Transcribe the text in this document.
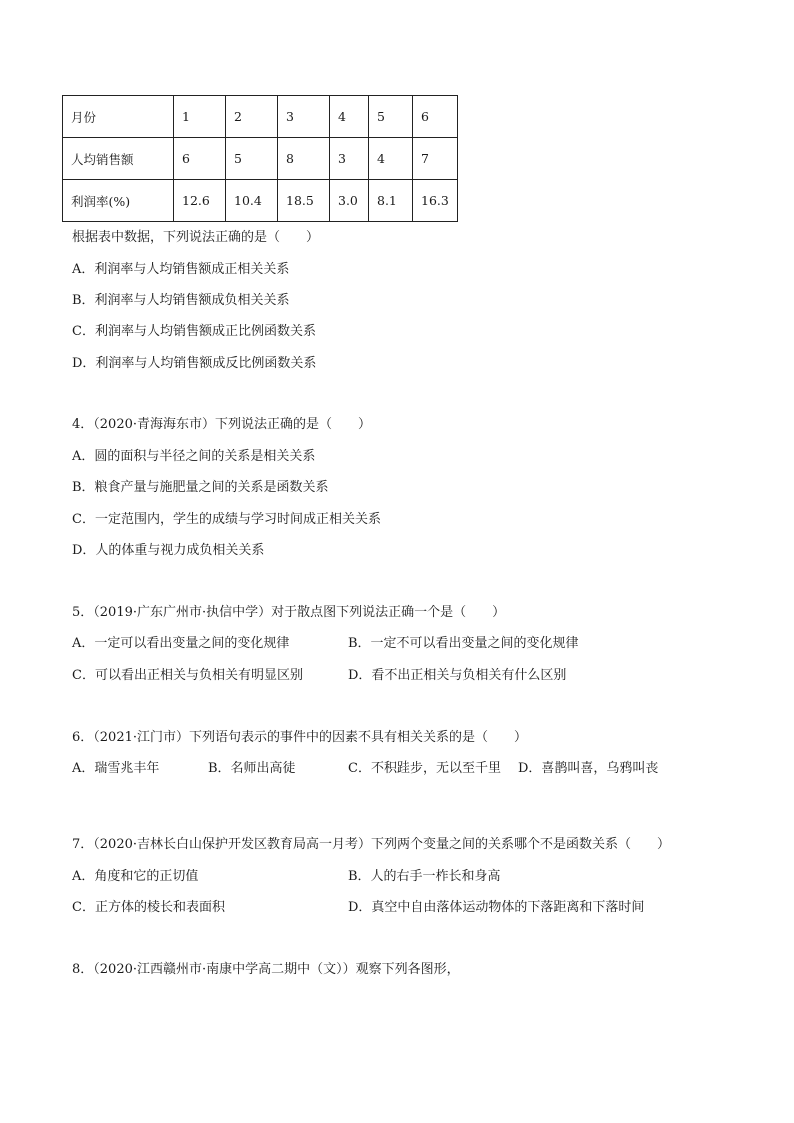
月份	1	2	3	4	5	6
人均销售额	6	5	8	3	4	7
利润率(%)	12.6	10.4	18.5	3.0	8.1	16.3
根据表中数据，下列说法正确的是（　　）
A．利润率与人均销售额成正相关关系
B．利润率与人均销售额成负相关关系
C．利润率与人均销售额成正比例函数关系
D．利润率与人均销售额成反比例函数关系
4．（2020·青海海东市）下列说法正确的是（　　）
A．圆的面积与半径之间的关系是相关关系
B．粮食产量与施肥量之间的关系是函数关系
C．一定范围内，学生的成绩与学习时间成正相关关系
D．人的体重与视力成负相关关系
5．（2019·广东广州市·执信中学）对于散点图下列说法正确一个是（　　）
A．一定可以看出变量之间的变化规律	B．一定不可以看出变量之间的变化规律
C．可以看出正相关与负相关有明显区别	D．看不出正相关与负相关有什么区别
6．（2021·江门市）下列语句表示的事件中的因素不具有相关关系的是（　　）
A．瑞雪兆丰年	B．名师出高徒	C．不积跬步，无以至千里 D．喜鹊叫喜，乌鸦叫丧
7．（2020·吉林长白山保护开发区教育局高一月考）下列两个变量之间的关系哪个不是函数关系（　　）
A．角度和它的正切值	B．人的右手一柞长和身高
C．正方体的棱长和表面积	D．真空中自由落体运动物体的下落距离和下落时间
8．（2020·江西赣州市·南康中学高二期中（文））观察下列各图形，
